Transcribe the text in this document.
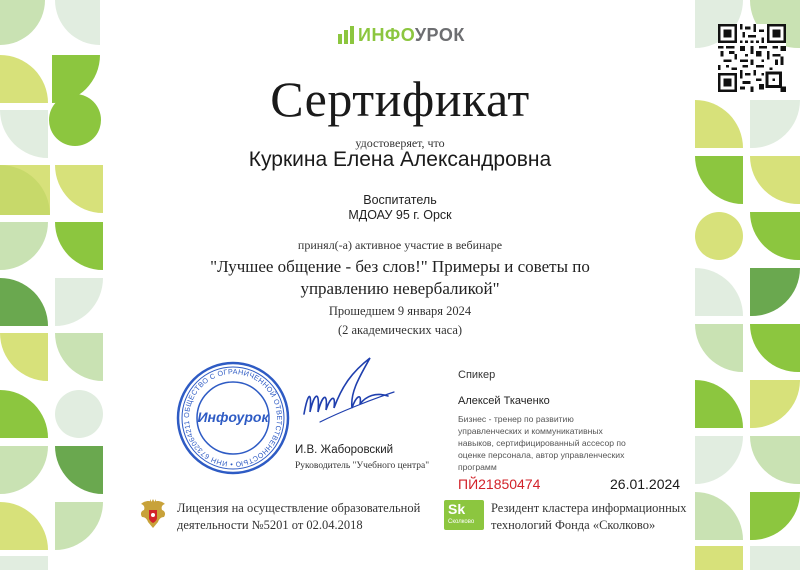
ИНФОУРОК
Сертификат
удостоверяет, что
Куркина Елена Александровна
Воспитатель
МДОАУ 95 г. Орск
принял(-а) активное участие в вебинаре
"Лучшее общение - без слов!" Примеры и советы по управлению невербаликой"
Прошедшем 9 января 2024
(2 академических часа)
ОБЩЕСТВО С ОГРАНИЧЕННОЙ ОТВЕТСТВЕННОСТЬЮ • ИНН 6732064211 Инфоурок
И.В. Жаборовский
Руководитель "Учебного центра"
Спикер
Алексей Ткаченко
Бизнес - тренер по развитию управленческих и коммуникативных навыков, сертифицированный ассесор по оценке персонала, автор управленческих программ
ПЙ21850474	26.01.2024
Лицензия на осуществление образовательной
деятельности №5201 от 02.04.2018
Sk
Сколково
Резидент кластера информационных
технологий Фонда «Сколково»
